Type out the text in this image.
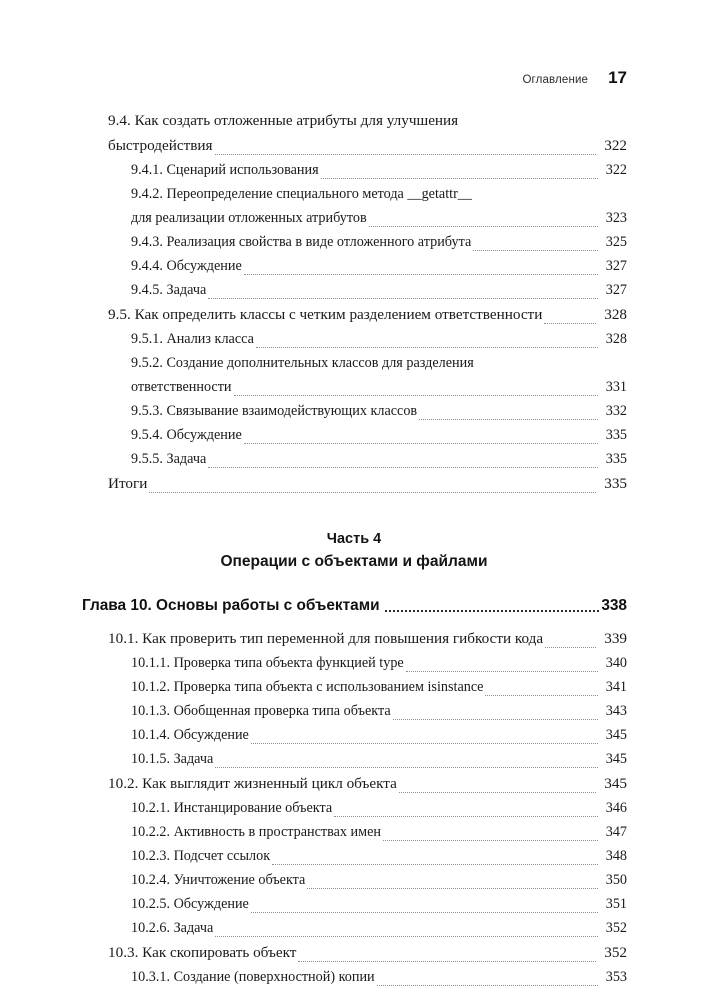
Оглавление 17
9.4. Как создать отложенные атрибуты для улучшения
быстродействия	322
9.4.1. Сценарий использования	322
9.4.2. Переопределение специального метода __getattr__
для реализации отложенных атрибутов	323
9.4.3. Реализация свойства в виде отложенного атрибута	325
9.4.4. Обсуждение	327
9.4.5. Задача	327
9.5. Как определить классы с четким разделением ответственности	328
9.5.1. Анализ класса	328
9.5.2. Создание дополнительных классов для разделения
ответственности	331
9.5.3. Связывание взаимодействующих классов	332
9.5.4. Обсуждение	335
9.5.5. Задача	335
Итоги	335
Часть 4
Операции с объектами и файлами
Глава 10. Основы работы с объектами	338
10.1. Как проверить тип переменной для повышения гибкости кода	339
10.1.1. Проверка типа объекта функцией type	340
10.1.2. Проверка типа объекта с использованием isinstance	341
10.1.3. Обобщенная проверка типа объекта	343
10.1.4. Обсуждение	345
10.1.5. Задача	345
10.2. Как выглядит жизненный цикл объекта	345
10.2.1. Инстанцирование объекта	346
10.2.2. Активность в пространствах имен	347
10.2.3. Подсчет ссылок	348
10.2.4. Уничтожение объекта	350
10.2.5. Обсуждение	351
10.2.6. Задача	352
10.3. Как скопировать объект	352
10.3.1. Создание (поверхностной) копии	353
